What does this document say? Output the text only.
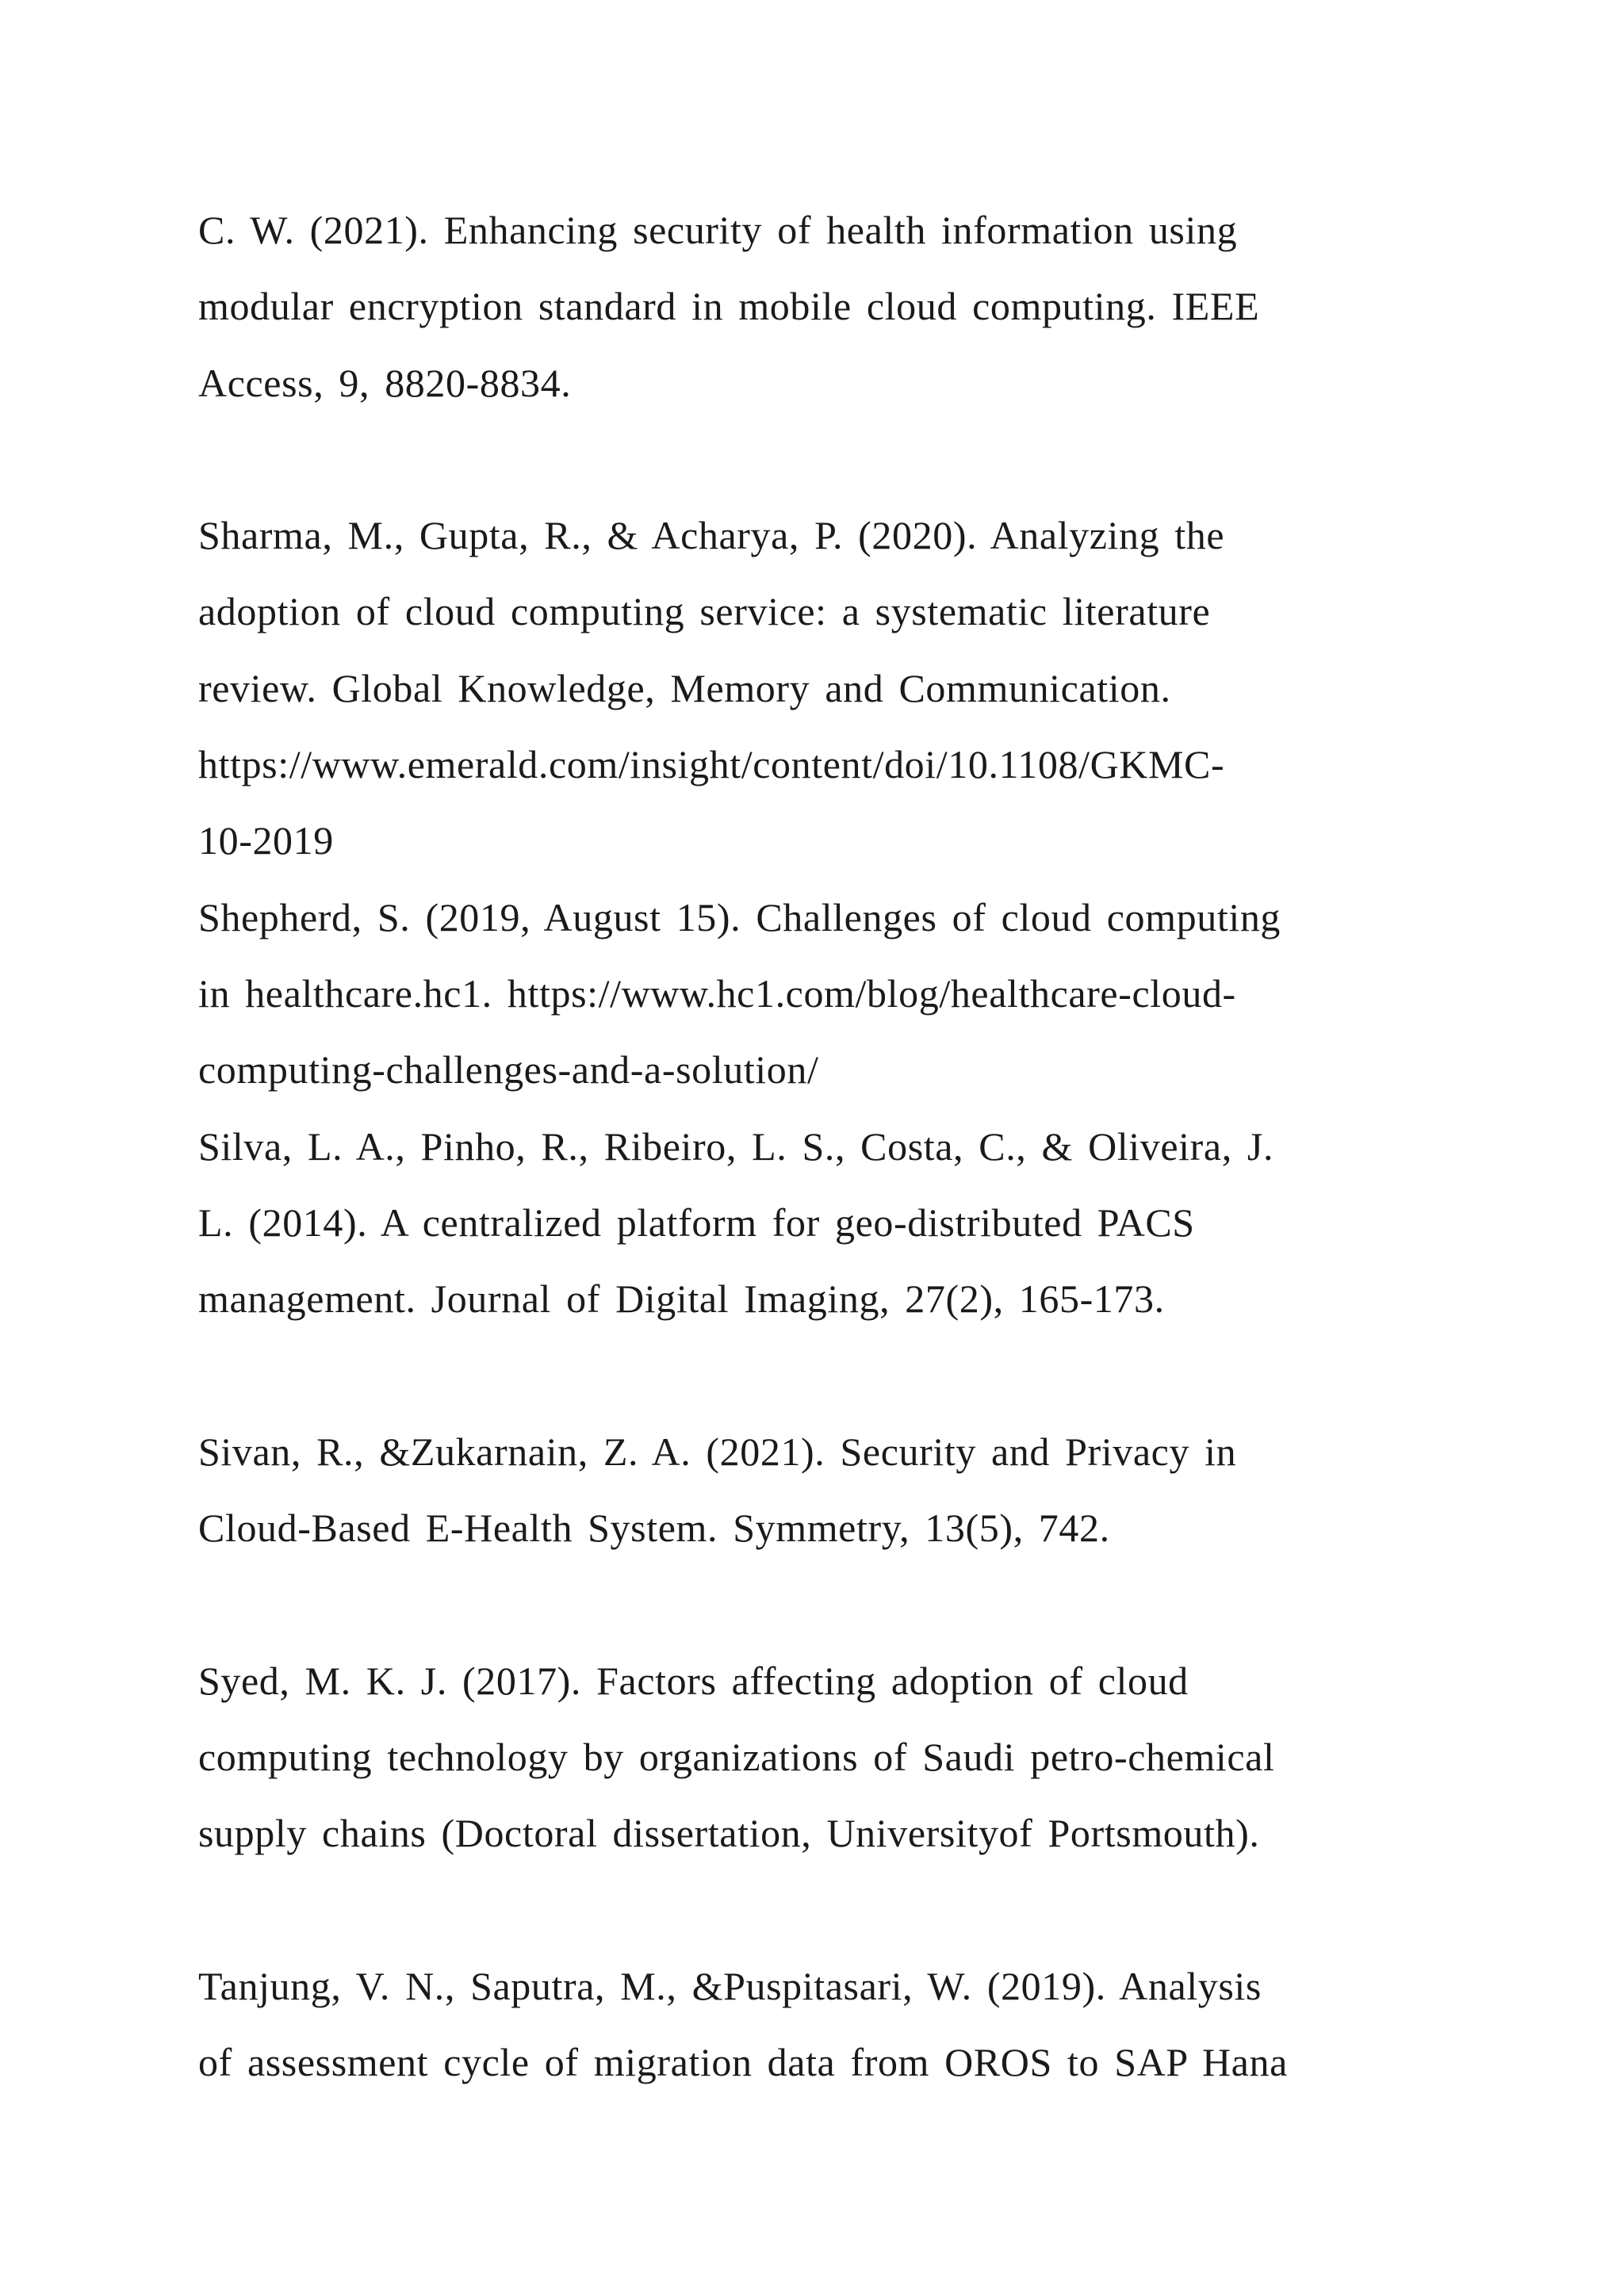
C. W. (2021). Enhancing security of health information using
modular encryption standard in mobile cloud computing. IEEE
Access, 9, 8820-8834.

Sharma, M., Gupta, R., & Acharya, P. (2020). Analyzing the
adoption of cloud computing service: a systematic literature
review. Global Knowledge, Memory and Communication.
https://www.emerald.com/insight/content/doi/10.1108/GKMC-
10-2019

Shepherd, S. (2019, August 15). Challenges of cloud computing
in healthcare.hc1. https://www.hc1.com/blog/healthcare-cloud-
computing-challenges-and-a-solution/

Silva, L. A., Pinho, R., Ribeiro, L. S., Costa, C., & Oliveira, J.
L. (2014). A centralized platform for geo-distributed PACS
management. Journal of Digital Imaging, 27(2), 165-173.

Sivan, R., &Zukarnain, Z. A. (2021). Security and Privacy in
Cloud-Based E-Health System. Symmetry, 13(5), 742.

Syed, M. K. J. (2017). Factors affecting adoption of cloud
computing technology by organizations of Saudi petro-chemical
supply chains (Doctoral dissertation, Universityof Portsmouth).

Tanjung, V. N., Saputra, M., &Puspitasari, W. (2019). Analysis
of assessment cycle of migration data from OROS to SAP Hana
